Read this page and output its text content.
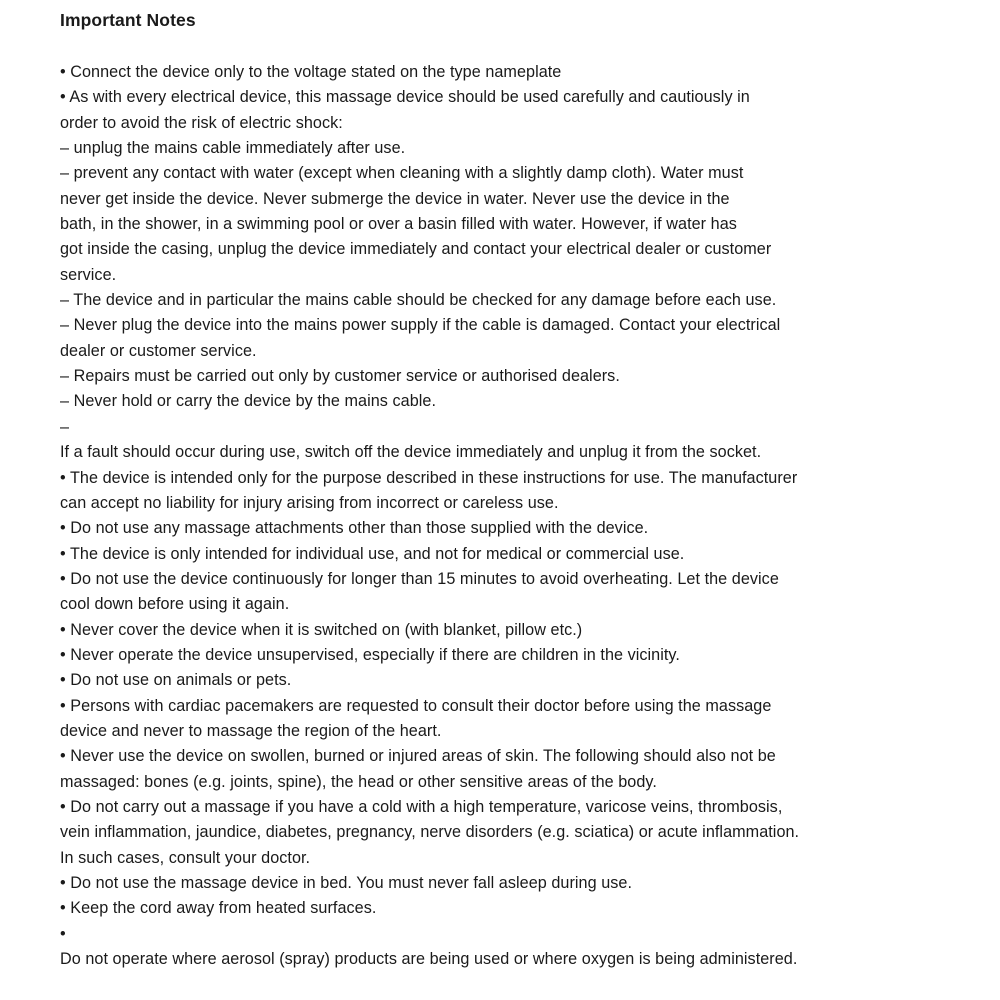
Important Notes
• Connect the device only to the voltage stated on the type nameplate
• As with every electrical device, this massage device should be used carefully and cautiously in
order to avoid the risk of electric shock:
– unplug the mains cable immediately after use.
– prevent any contact with water (except when cleaning with a slightly damp cloth). Water must
never get inside the device. Never submerge the device in water. Never use the device in the
bath, in the shower, in a swimming pool or over a basin filled with water. However, if water has
got inside the casing, unplug the device immediately and contact your electrical dealer or customer
service.
– The device and in particular the mains cable should be checked for any damage before each use.
– Never plug the device into the mains power supply if the cable is damaged. Contact your electrical
dealer or customer service.
– Repairs must be carried out only by customer service or authorised dealers.
– Never hold or carry the device by the mains cable.
–
If a fault should occur during use, switch off the device immediately and unplug it from the socket.
• The device is intended only for the purpose described in these instructions for use. The manufacturer
can accept no liability for injury arising from incorrect or careless use.
• Do not use any massage attachments other than those supplied with the device.
• The device is only intended for individual use, and not for medical or commercial use.
• Do not use the device continuously for longer than 15 minutes to avoid overheating. Let the device
cool down before using it again.
• Never cover the device when it is switched on (with blanket, pillow etc.)
• Never operate the device unsupervised, especially if there are children in the vicinity.
• Do not use on animals or pets.
• Persons with cardiac pacemakers are requested to consult their doctor before using the massage
device and never to massage the region of the heart.
• Never use the device on swollen, burned or injured areas of skin. The following should also not be
massaged: bones (e.g. joints, spine), the head or other sensitive areas of the body.
• Do not carry out a massage if you have a cold with a high temperature, varicose veins, thrombosis,
vein inflammation, jaundice, diabetes, pregnancy, nerve disorders (e.g. sciatica) or acute inflammation.
In such cases, consult your doctor.
• Do not use the massage device in bed. You must never fall asleep during use.
• Keep the cord away from heated surfaces.
•
Do not operate where aerosol (spray) products are being used or where oxygen is being administered.
